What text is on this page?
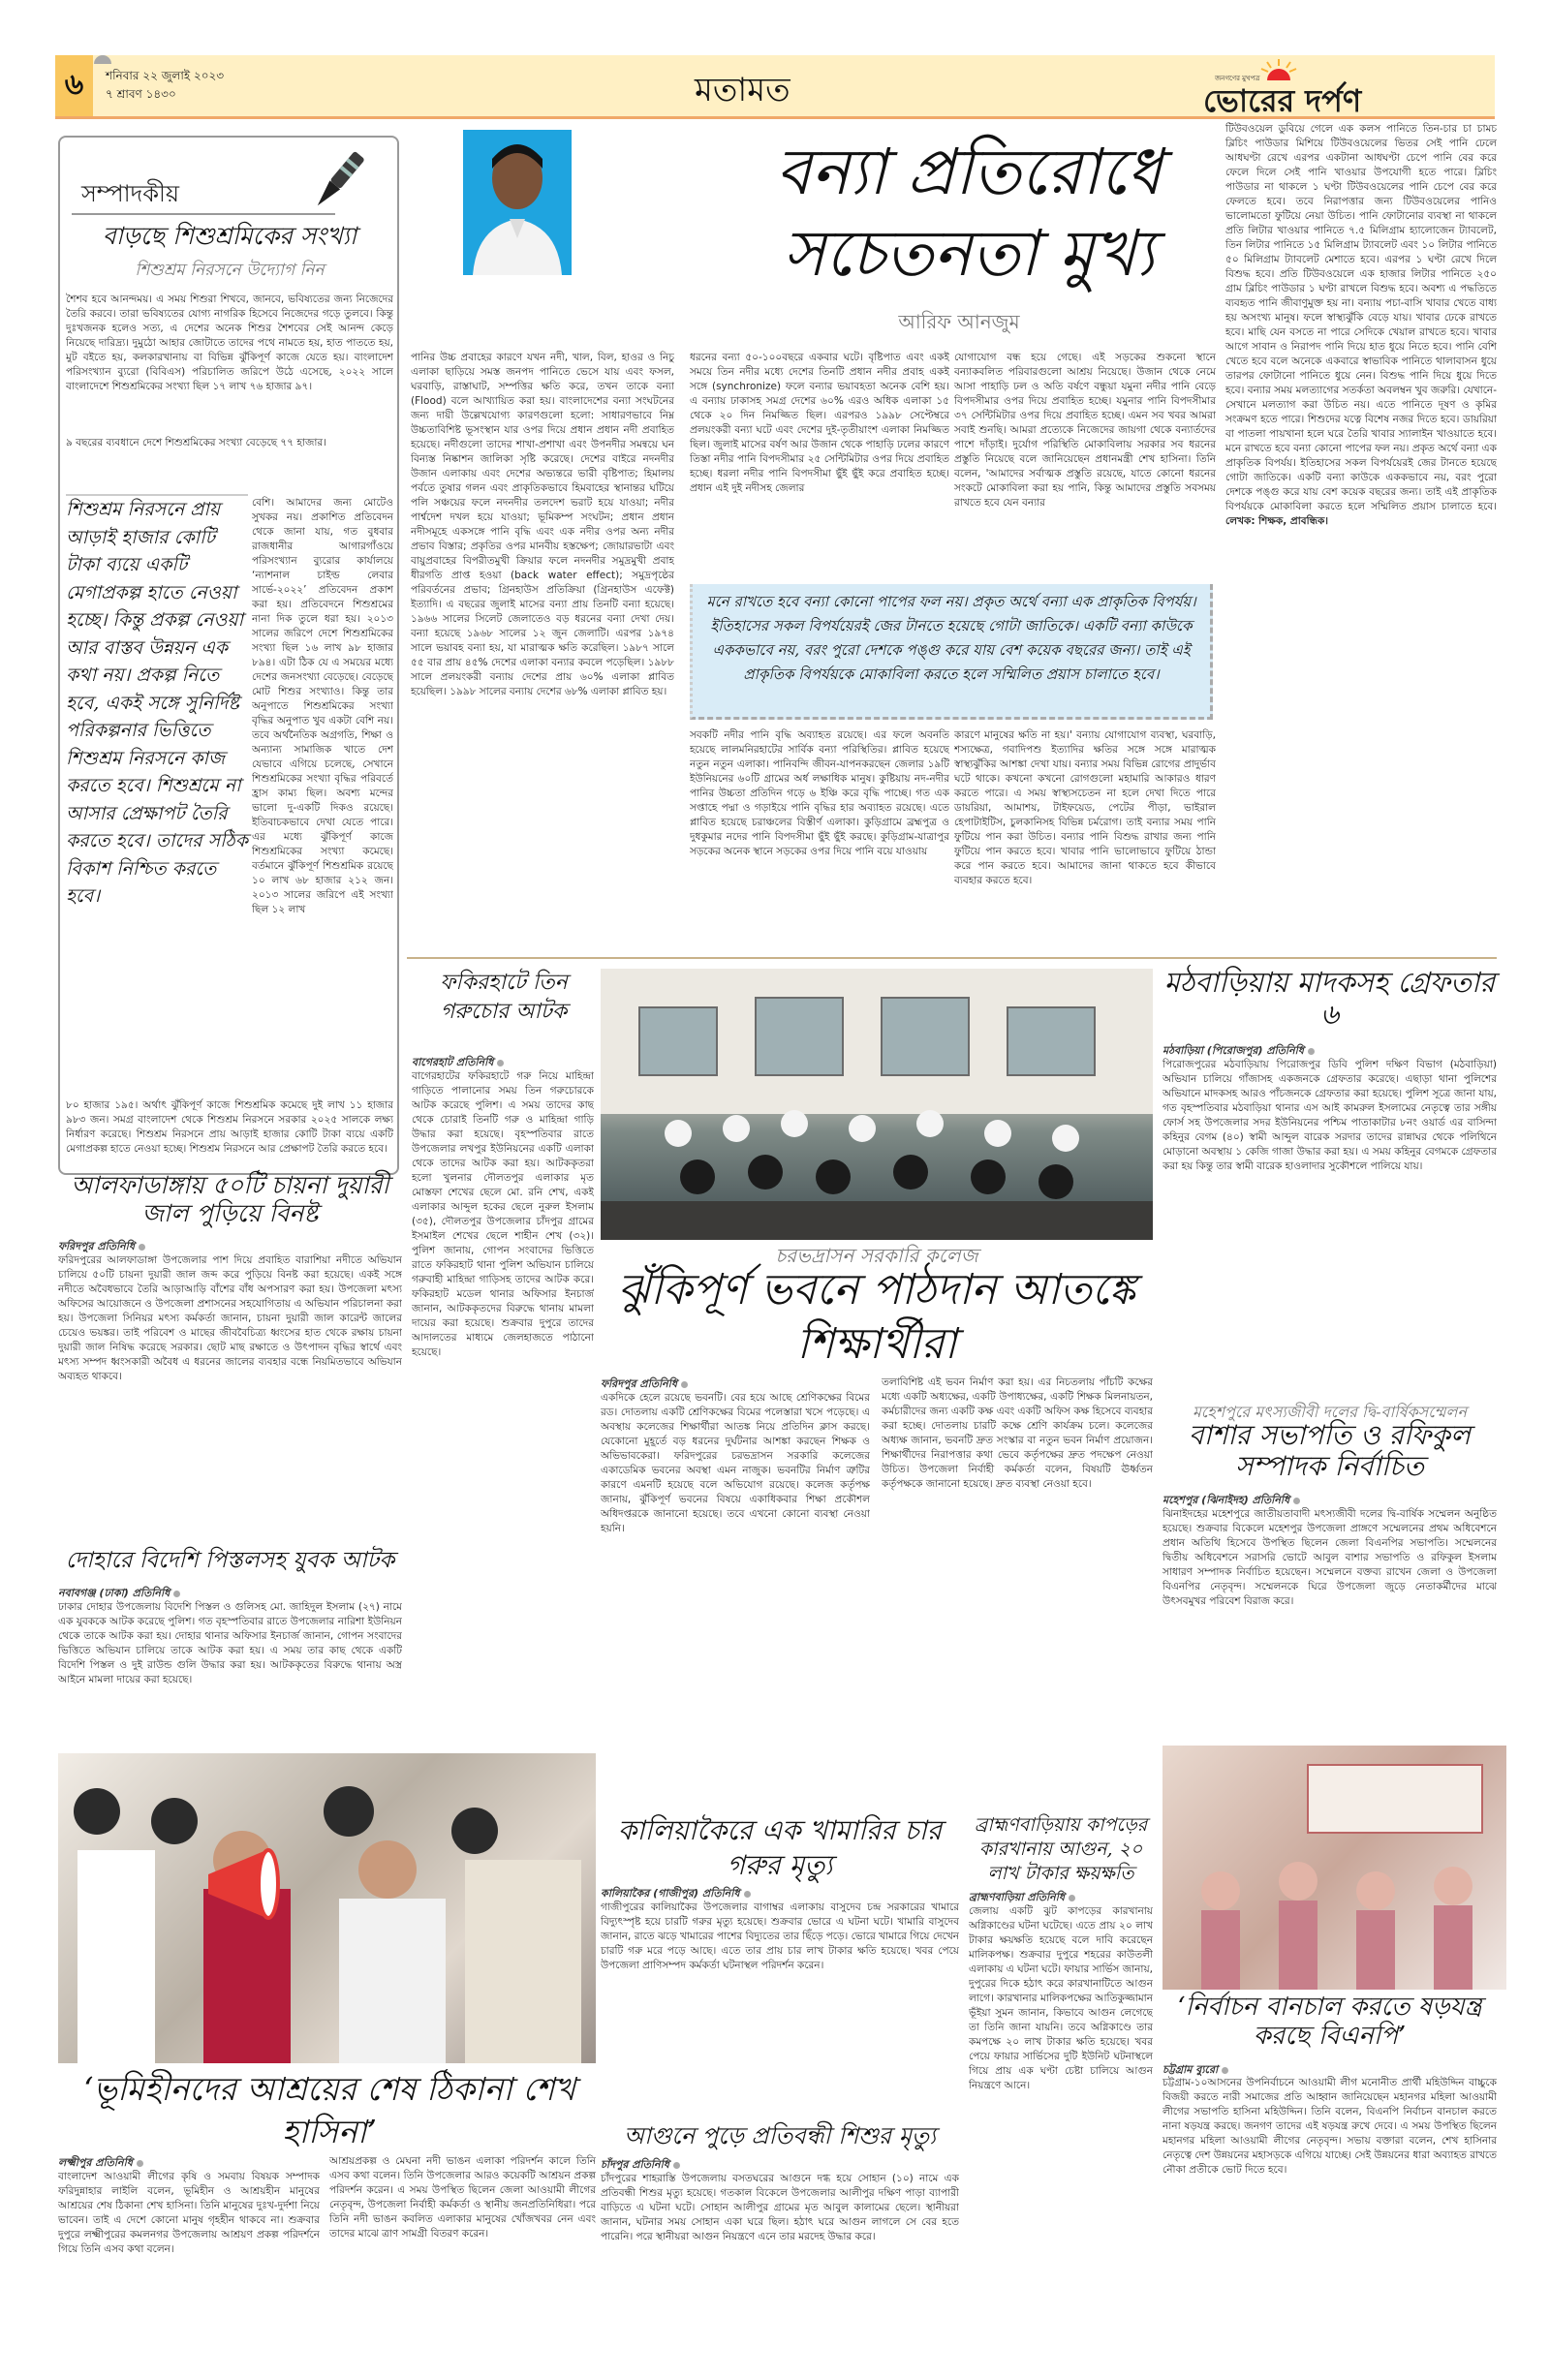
৬	শনিবার ২২ জুলাই ২০২৩
৭ শ্রাবণ ১৪৩০	মতামত	জনগণের মুখপত্র
ভোরের দর্পণ
সম্পাদকীয়
বাড়ছে শিশুশ্রমিকের সংখ্যা
শিশুশ্রম নিরসনে উদ্যোগ নিন
শৈশব হবে আনন্দময়। এ সময় শিশুরা শিখবে, জানবে, ভবিষ্যতের জন্য নিজেদের তৈরি করবে। তারা ভবিষ্যতের যোগ্য নাগরিক হিসেবে নিজেদের গড়ে তুলবে। কিন্তু দুঃখজনক হলেও সত্য, এ দেশের অনেক শিশুর শৈশবের সেই আনন্দ কেড়ে নিয়েছে দারিদ্র্য। দুমুঠো আহার জোটাতে তাদের পথে নামতে হয়, হাত পাততে হয়, মুট বইতে হয়, কলকারখানায় বা বিভিন্ন ঝুঁকিপূর্ণ কাজে যেতে হয়। বাংলাদেশ পরিসংখ্যান ব্যুরো (বিবিএস) পরিচালিত জরিপে উঠে এসেছে, ২০২২ সালে বাংলাদেশে শিশুশ্রমিকের সংখ্যা ছিল ১৭ লাখ ৭৬ হাজার ৯৭।
৯ বছরের ব্যবধানে দেশে শিশুশ্রমিকের সংখ্যা বেড়েছে ৭৭ হাজার।
শিশুশ্রম নিরসনে প্রায় আড়াই হাজার কোটি টাকা ব্যয়ে একটি মেগাপ্রকল্প হাতে নেওয়া হচ্ছে। কিন্তু প্রকল্প নেওয়া আর বাস্তব উন্নয়ন এক কথা নয়। প্রকল্প নিতে হবে, একই সঙ্গে সুনির্দিষ্ট পরিকল্পনার ভিত্তিতে শিশুশ্রম নিরসনে কাজ করতে হবে। শিশুশ্রমে না আসার প্রেক্ষাপট তৈরি করতে হবে। তাদের সঠিক বিকাশ নিশ্চিত করতে হবে।
বেশি। আমাদের জন্য মোটেও সুখকর নয়। প্রকাশিত প্রতিবেদন থেকে জানা যায়, গত বুধবার রাজধানীর আগারগাঁওয়ে পরিসংখ্যান ব্যুরোর কার্যালয়ে ‘ন্যাশনাল চাইল্ড লেবার সার্ভে-২০২২’ প্রতিবেদন প্রকাশ করা হয়। প্রতিবেদনে শিশুশ্রমের নানা দিক তুলে ধরা হয়। ২০১৩ সালের জরিপে দেশে শিশুশ্রমিকের সংখ্যা ছিল ১৬ লাখ ৯৮ হাজার ৮৯৪। এটা ঠিক যে এ সময়ের মধ্যে দেশের জনসংখ্যা বেড়েছে। বেড়েছে মোট শিশুর সংখ্যাও। কিন্তু তার অনুপাতে শিশুশ্রমিকের সংখ্যা বৃদ্ধির অনুপাত খুব একটা বেশি নয়। তবে অর্থনৈতিক অগ্রগতি, শিক্ষা ও অন্যান্য সামাজিক খাতে দেশ যেভাবে এগিয়ে চলেছে, সেখানে শিশুশ্রমিকের সংখ্যা বৃদ্ধির পরিবর্তে হ্রাস কাম্য ছিল। অবশ্য মন্দের ভালো দু-একটি দিকও রয়েছে। ইতিবাচকভাবে দেখা যেতে পারে। এর মধ্যে ঝুঁকিপূর্ণ কাজে শিশুশ্রমিকের সংখ্যা কমেছে। বর্তমানে ঝুঁকিপূর্ণ শিশুশ্রমিক রয়েছে ১০ লাখ ৬৮ হাজার ২১২ জন। ২০১৩ সালের জরিপে এই সংখ্যা ছিল ১২ লাখ
৮০ হাজার ১৯৫। অর্থাৎ ঝুঁকিপূর্ণ কাজে শিশুশ্রমিক কমেছে দুই লাখ ১১ হাজার ৯৮৩ জন। সমগ্র বাংলাদেশ থেকে শিশুশ্রম নিরসনে সরকার ২০২৫ সালকে লক্ষ্য নির্ধারণ করেছে। শিশুশ্রম নিরসনে প্রায় আড়াই হাজার কোটি টাকা ব্যয়ে একটি মেগাপ্রকল্প হাতে নেওয়া হচ্ছে। শিশুশ্রম নিরসনে আর প্রেক্ষাপট তৈরি করতে হবে।
বন্যা প্রতিরোধে সচেতনতা মুখ্য
আরিফ আনজুম
পানির উচ্চ প্রবাহের কারণে যখন নদী, খাল, বিল, হাওর ও নিচু এলাকা ছাড়িয়ে সমস্ত জনপদ পানিতে ভেসে যায় এবং ফসল, ঘরবাড়ি, রাস্তাঘাট, সম্পত্তির ক্ষতি করে, তখন তাকে বন্যা (Flood) বলে আখ্যায়িত করা হয়। বাংলাদেশের বন্যা সংঘটনের জন্য দায়ী উল্লেখযোগ্য কারণগুলো হলো: সাধারণভাবে নিম্ন উচ্চতাবিশিষ্ট ভূসংস্থান যার ওপর দিয়ে প্রধান প্রধান নদী প্রবাহিত হয়েছে। নদীগুলো তাদের শাখা-প্রশাখা এবং উপনদীর সমন্বয়ে ঘন বিন্যস্ত নিষ্কাশন জালিকা সৃষ্টি করেছে। দেশের বাইরে নদনদীর উজান এলাকায় এবং দেশের অভ্যন্তরে ভারী বৃষ্টিপাত; হিমালয় পর্বতে তুষার গলন এবং প্রাকৃতিকভাবে হিমবাহের স্থানান্তর ঘটিয়ে পলি সঞ্চয়ের ফলে নদনদীর তলদেশ ভরাট হয়ে যাওয়া; নদীর পার্শ্বদেশ দখল হয়ে যাওয়া; ভূমিকম্প সংঘটন; প্রধান প্রধান নদীসমূহে একসঙ্গে পানি বৃদ্ধি এবং এক নদীর ওপর অন্য নদীর প্রভাব বিস্তার; প্রকৃতির ওপর মানবীয় হস্তক্ষেপ; জোয়ারভাটা এবং বায়ুপ্রবাহের বিপরীতমুখী ক্রিয়ার ফলে নদনদীর সমুদ্রমুখী প্রবাহ ধীরগতি প্রাপ্ত হওয়া (back water effect); সমুদ্রপৃষ্ঠের পরিবর্তনের প্রভাব; গ্রিনহাউস প্রতিক্রিয়া (গ্রিনহাউস এফেক্ট) ইত্যাদি। এ বছরের জুলাই মাসের বন্যা প্রায় তিনটি বন্যা হয়েছে। ১৯৬৬ সালের সিলেট জেলাতেও বড় ধরনের বন্যা দেখা দেয়। বন্যা হয়েছে ১৯৬৮ সালের ১২ জুন জেলাটি। এরপর ১৯৭৪ সালে ভয়াবহ বন্যা হয়, যা মারাত্মক ক্ষতি করেছিল। ১৯৮৭ সালে ৫৫ বার প্রায় ৪৫% দেশের এলাকা বন্যার কবলে পড়েছিল। ১৯৮৮ সালে প্রলয়ংকরী বন্যায় দেশের প্রায় ৬০% এলাকা প্লাবিত হয়েছিল। ১৯৯৮ সালের বন্যায় দেশের ৬৮% এলাকা প্লাবিত হয়।
ধরনের বন্যা ৫০-১০০বছরে একবার ঘটে। বৃষ্টিপাত এবং একই সময়ে তিন নদীর মধ্যে দেশের তিনটি প্রধান নদীর প্রবাহ একই সঙ্গে (synchronize) ফলে বন্যার ভয়াবহতা অনেক বেশি হয়। এ বন্যায় ঢাকাসহ সমগ্র দেশের ৬০% এরও অধিক এলাকা ১৫ থেকে ২০ দিন নিমজ্জিত ছিল। এরপরও ১৯৯৮ সেপ্টেম্বরে প্রলয়ংকরী বন্যা ঘটে এবং দেশের দুই-তৃতীয়াংশ এলাকা নিমজ্জিত ছিল। জুলাই মাসের বর্ষণ আর উজান থেকে পাহাড়ি ঢলের কারণে তিস্তা নদীর পানি বিপদসীমার ২৫ সেন্টিমিটার ওপর দিয়ে প্রবাহিত হচ্ছে। ধরলা নদীর পানি বিপদসীমা ছুঁই ছুঁই করে প্রবাহিত হচ্ছে। প্রধান এই দুই নদীসহ জেলার
যোগাযোগ বন্ধ হয়ে গেছে। এই সড়কের শুকনো স্থানে বন্যাকবলিত পরিবারগুলো আশ্রয় নিয়েছে। উজান থেকে নেমে আসা পাহাড়ি ঢল ও অতি বর্ষণে বন্ধুয়া যমুনা নদীর পানি বেড়ে বিপদসীমার ওপর দিয়ে প্রবাহিত হচ্ছে। যমুনার পানি বিপদসীমার ৩৭ সেন্টিমিটার ওপর দিয়ে প্রবাহিত হচ্ছে। এমন সব খবর আমরা সবাই শুনছি। আমরা প্রত্যেকে নিজেদের জায়গা থেকে বন্যার্তদের পাশে দাঁড়াই। দুর্যোগ পরিস্থিতি মোকাবিলায় সরকার সব ধরনের প্রস্তুতি নিয়েছে বলে জানিয়েছেন প্রধানমন্ত্রী শেখ হাসিনা। তিনি বলেন, 'আমাদের সর্বাত্মক প্রস্তুতি রয়েছে, যাতে কোনো ধরনের সংকটে মোকাবিলা করা হয় পানি, কিন্তু আমাদের প্রস্তুতি সবসময় রাখতে হবে যেন বন্যার
মনে রাখতে হবে বন্যা কোনো পাপের ফল নয়। প্রকৃত অর্থে বন্যা এক প্রাকৃতিক বিপর্যয়। ইতিহাসের সকল বিপর্যয়েরই জের টানতে হয়েছে গোটা জাতিকে। একটি বন্যা কাউকে এককভাবে নয়, বরং পুরো দেশকে পঙ্গু করে যায় বেশ কয়েক বছরের জন্য। তাই এই প্রাকৃতিক বিপর্যয়কে মোকাবিলা করতে হলে সম্মিলিত প্রয়াস চালাতে হবে।
সবকটি নদীর পানি বৃদ্ধি অব্যাহত রয়েছে। এর ফলে অবনতি হয়েছে লালমনিরহাটের সার্বিক বন্যা পরিস্থিতির। প্লাবিত হয়েছে নতুন নতুন এলাকা। পানিবন্দি জীবন-যাপনকরছেন জেলার ১৯টি ইউনিয়নের ৬০টি গ্রামের অর্ধ লক্ষাধিক মানুষ। কুষ্টিয়ায় নদ-নদীর পানির উচ্চতা প্রতিদিন গড়ে ৬ ইঞ্চি করে বৃদ্ধি পাচ্ছে। গত এক সপ্তাহে পদ্মা ও গড়াইয়ে পানি বৃদ্ধির হার অব্যাহত রয়েছে। এতে প্লাবিত হয়েছে চরাঞ্চলের বিস্তীর্ণ এলাকা। কুড়িগ্রামে ব্রহ্মপুত্র ও দুধকুমার নদের পানি বিপদসীমা ছুঁই ছুঁই করছে। কুড়িগ্রাম-যাত্রাপুর সড়কের অনেক স্থানে সড়কের ওপর দিয়ে পানি বয়ে যাওয়ায়
কারণে মানুষের ক্ষতি না হয়।' বন্যায় যোগাযোগ ব্যবস্থা, ঘরবাড়ি, শস্যক্ষেত্র, গবাদিপশু ইত্যাদির ক্ষতির সঙ্গে সঙ্গে মারাত্মক স্বাস্থ্যঝুঁকির আশঙ্কা দেখা যায়। বন্যার সময় বিভিন্ন রোগের প্রাদুর্ভাব ঘটে থাকে। কখনো কখনো রোগগুলো মহামারি আকারও ধারণ করতে পারে। এ সময় স্বাস্থ্যসচেতন না হলে দেখা দিতে পারে ডায়রিয়া, আমাশয়, টাইফয়েড, পেটের পীড়া, ভাইরাল হেপাটাইটিস, চুলকানিসহ বিভিন্ন চর্মরোগ। তাই বন্যার সময় পানি ফুটিয়ে পান করা উচিত। বন্যার পানি বিশুদ্ধ রাখার জন্য পানি ফুটিয়ে পান করতে হবে। খাবার পানি ভালোভাবে ফুটিয়ে ঠান্ডা করে পান করতে হবে। আমাদের জানা থাকতে হবে কীভাবে ব্যবহার করতে হবে।
টিউবওয়েল ডুবিয়ে গেলে এক কলস পানিতে তিন-চার চা চামচ ব্লিচিং পাউডার মিশিয়ে টিউবওয়েলের ভিতর সেই পানি ঢেলে আধঘণ্টা রেখে এরপর একটানা আধঘণ্টা চেপে পানি বের করে ফেলে দিলে সেই পানি খাওয়ার উপযোগী হতে পারে। ব্লিচিং পাউডার না থাকলে ১ ঘণ্টা টিউবওয়েলের পানি চেপে বের করে ফেলতে হবে। তবে নিরাপত্তার জন্য টিউবওয়েলের পানিও ভালোমতো ফুটিয়ে নেয়া উচিত। পানি ফোটানোর ব্যবস্থা না থাকলে প্রতি লিটার খাওয়ার পানিতে ৭.৫ মিলিগ্রাম হ্যালোজেন ট্যাবলেট, তিন লিটার পানিতে ১৫ মিলিগ্রাম ট্যাবলেট এবং ১০ লিটার পানিতে ৫০ মিলিগ্রাম ট্যাবলেট মেশাতে হবে। এরপর ১ ঘণ্টা রেখে দিলে বিশুদ্ধ হবে। প্রতি টিউবওয়েলে এক হাজার লিটার পানিতে ২৫০ গ্রাম ব্লিচিং পাউডার ১ ঘণ্টা রাখলে বিশুদ্ধ হবে। অবশ্য এ পদ্ধতিতে ব্যবহৃত পানি জীবাণুমুক্ত হয় না। বন্যায় পচা-বাসি খাবার খেতে বাধ্য হয় অসংখ্য মানুষ। ফলে স্বাস্থ্যঝুঁকি বেড়ে যায়। খাবার ঢেকে রাখতে হবে। মাছি যেন বসতে না পারে সেদিকে খেয়াল রাখতে হবে। খাবার আগে সাবান ও নিরাপদ পানি দিয়ে হাত ধুয়ে নিতে হবে। পানি বেশি খেতে হবে বলে অনেকে একবারে স্বাভাবিক পানিতে থালাবাসন ধুয়ে তারপর ফোটানো পানিতে ধুয়ে নেন। বিশুদ্ধ পানি দিয়ে ধুয়ে দিতে হবে। বন্যার সময় মলত্যাগের সতর্কতা অবলম্বন খুব জরুরি। যেখানে-সেখানে মলত্যাগ করা উচিত নয়। এতে পানিতে দূষণ ও কৃমির সংক্রমণ হতে পারে। শিশুদের যত্নে বিশেষ নজর দিতে হবে। ডায়রিয়া বা পাতলা পায়খানা হলে ঘরে তৈরি খাবার স্যালাইন খাওয়াতে হবে। মনে রাখতে হবে বন্যা কোনো পাপের ফল নয়। প্রকৃত অর্থে বন্যা এক প্রাকৃতিক বিপর্যয়। ইতিহাসের সকল বিপর্যয়েরই জের টানতে হয়েছে গোটা জাতিকে। একটি বন্যা কাউকে এককভাবে নয়, বরং পুরো দেশকে পঙ্গু করে যায় বেশ কয়েক বছরের জন্য। তাই এই প্রাকৃতিক বিপর্যয়কে মোকাবিলা করতে হলে সম্মিলিত প্রয়াস চালাতে হবে। লেখক: শিক্ষক, প্রাবন্ধিক।
ফকিরহাটে তিন গরুচোর আটক
বাগেরহাট প্রতিনিধি
বাগেরহাটের ফকিরহাটে গরু নিয়ে মাহিন্দ্রা গাড়িতে পালানোর সময় তিন গরুচোরকে আটক করেছে পুলিশ। এ সময় তাদের কাছ থেকে চোরাই তিনটি গরু ও মাহিন্দ্রা গাড়ি উদ্ধার করা হয়েছে। বৃহস্পতিবার রাতে উপজেলার লখপুর ইউনিয়নের একটি এলাকা থেকে তাদের আটক করা হয়। আটককৃতরা হলো খুলনার দৌলতপুর এলাকার মৃত মোস্তফা শেখের ছেলে মো. রনি শেখ, একই এলাকার আব্দুল হকের ছেলে নুরুল ইসলাম (৩৫), দৌলতপুর উপজেলার চাঁদপুর গ্রামের ইসমাইল শেখের ছেলে শাহীন শেখ (৩২)। পুলিশ জানায়, গোপন সংবাদের ভিত্তিতে রাতে ফকিরহাট থানা পুলিশ অভিযান চালিয়ে গরুবাহী মাহিন্দ্রা গাড়িসহ তাদের আটক করে। ফকিরহাট মডেল থানার অফিসার ইনচার্জ জানান, আটককৃতদের বিরুদ্ধে থানায় মামলা দায়ের করা হয়েছে। শুক্রবার দুপুরে তাদের আদালতের মাধ্যমে জেলহাজতে পাঠানো হয়েছে।
চরভদ্রাসন সরকারি কলেজ
ঝুঁকিপূর্ণ ভবনে পাঠদান আতঙ্কে শিক্ষার্থীরা
ফরিদপুর প্রতিনিধি
একদিকে হেলে রয়েছে ভবনটি। বের হয়ে আছে শ্রেণিকক্ষের বিমের রড। দোতলায় একটি শ্রেণিকক্ষের বিমের পলেস্তারা খসে পড়েছে। এ অবস্থায় কলেজের শিক্ষার্থীরা আতঙ্ক নিয়ে প্রতিদিন ক্লাস করছে। যেকোনো মুহূর্তে বড় ধরনের দুর্ঘটনার আশঙ্কা করছেন শিক্ষক ও অভিভাবকেরা। ফরিদপুরের চরভদ্রাসন সরকারি কলেজের একাডেমিক ভবনের অবস্থা এমন নাজুক। ভবনটির নির্মাণ ত্রুটির কারণে এমনটি হয়েছে বলে অভিযোগ রয়েছে। কলেজ কর্তৃপক্ষ জানায়, ঝুঁকিপূর্ণ ভবনের বিষয়ে একাধিকবার শিক্ষা প্রকৌশল অধিদপ্তরকে জানানো হয়েছে। তবে এখনো কোনো ব্যবস্থা নেওয়া হয়নি।
তলাবিশিষ্ট এই ভবন নির্মাণ করা হয়। এর নিচতলায় পাঁচটি কক্ষের মধ্যে একটি অধ্যক্ষের, একটি উপাধ্যক্ষের, একটি শিক্ষক মিলনায়তন, কর্মচারীদের জন্য একটি কক্ষ এবং একটি অফিস কক্ষ হিসেবে ব্যবহার করা হচ্ছে। দোতলায় চারটি কক্ষে শ্রেণি কার্যক্রম চলে। কলেজের অধ্যক্ষ জানান, ভবনটি দ্রুত সংস্কার বা নতুন ভবন নির্মাণ প্রয়োজন। শিক্ষার্থীদের নিরাপত্তার কথা ভেবে কর্তৃপক্ষের দ্রুত পদক্ষেপ নেওয়া উচিত। উপজেলা নির্বাহী কর্মকর্তা বলেন, বিষয়টি ঊর্ধ্বতন কর্তৃপক্ষকে জানানো হয়েছে। দ্রুত ব্যবস্থা নেওয়া হবে।
মঠবাড়িয়ায় মাদকসহ গ্রেফতার ৬
মঠবাড়িয়া (পিরোজপুর) প্রতিনিধি
পিরোজপুরের মঠবাড়িয়ায় পিরোজপুর ডিবি পুলিশ দক্ষিণ বিভাগ (মঠবাড়িয়া) অভিযান চালিয়ে গাঁজাসহ একজনকে গ্রেফতার করেছে। এছাড়া থানা পুলিশের অভিযানে মাদকসহ আরও পাঁচজনকে গ্রেফতার করা হয়েছে। পুলিশ সূত্রে জানা যায়, গত বৃহস্পতিবার মঠবাড়িয়া থানার এস আই কামরুল ইসলামের নেতৃত্বে তার সঙ্গীয় ফোর্স সহ উপজেলার সদর ইউনিয়নের পশ্চিম পাতাকাটার ৮নং ওয়ার্ড এর বাসিন্দা কহিনুর বেগম (৪০) স্বামী আব্দুল বারেক সরদার তাদের রান্নাঘর থেকে পলিথিনে মোড়ানো অবস্থায় ১ কেজি গাজা উদ্ধার করা হয়। এ সময় কহিনুর বেগমকে গ্রেফতার করা হয় কিন্তু তার স্বামী বারেক হাওলাদার সুকৌশলে পালিয়ে যায়।
মহেশপুরে মৎস্যজীবী দলের দ্বি-বার্ষিকসম্মেলন
বাশার সভাপতি ও রফিকুল সম্পাদক নির্বাচিত
মহেশপুর (ঝিনাইদহ) প্রতিনিধি
ঝিনাইদহের মহেশপুরে জাতীয়তাবাদী মৎস্যজীবী দলের দ্বি-বার্ষিক সম্মেলন অনুষ্ঠিত হয়েছে। শুক্রবার বিকেলে মহেশপুর উপজেলা প্রাঙ্গণে সম্মেলনের প্রথম অধিবেশনে প্রধান অতিথি হিসেবে উপস্থিত ছিলেন জেলা বিএনপির সভাপতি। সম্মেলনের দ্বিতীয় অধিবেশনে সরাসরি ভোটে আবুল বাশার সভাপতি ও রফিকুল ইসলাম সাধারণ সম্পাদক নির্বাচিত হয়েছেন। সম্মেলনে বক্তব্য রাখেন জেলা ও উপজেলা বিএনপির নেতৃবৃন্দ। সম্মেলনকে ঘিরে উপজেলা জুড়ে নেতাকর্মীদের মাঝে উৎসবমুখর পরিবেশ বিরাজ করে।
‘নির্বাচন বানচাল করতে ষড়যন্ত্র করছে বিএনপি’
চট্টগ্রাম ব্যুরো
চট্টগ্রাম-১০আসনের উপনির্বাচনে আওয়ামী লীগ মনোনীত প্রার্থী মহিউদ্দিন বাচ্চুকে বিজয়ী করতে নারী সমাজের প্রতি আহ্বান জানিয়েছেন মহানগর মহিলা আওয়ামী লীগের সভাপতি হাসিনা মহিউদ্দিন। তিনি বলেন, বিএনপি নির্বাচন বানচাল করতে নানা ষড়যন্ত্র করছে। জনগণ তাদের এই ষড়যন্ত্র রুখে দেবে। এ সময় উপস্থিত ছিলেন মহানগর মহিলা আওয়ামী লীগের নেতৃবৃন্দ। সভায় বক্তারা বলেন, শেখ হাসিনার নেতৃত্বে দেশ উন্নয়নের মহাসড়কে এগিয়ে যাচ্ছে। সেই উন্নয়নের ধারা অব্যাহত রাখতে নৌকা প্রতীকে ভোট দিতে হবে।
আলফাডাঙ্গায় ৫০টি চায়না দুয়ারী জাল পুড়িয়ে বিনষ্ট
ফরিদপুর প্রতিনিধি
ফরিদপুরের আলফাডাঙ্গা উপজেলার পাশ দিয়ে প্রবাহিত বারাশিয়া নদীতে অভিযান চালিয়ে ৫০টি চায়না দুয়ারী জাল জব্দ করে পুড়িয়ে বিনষ্ট করা হয়েছে। একই সঙ্গে নদীতে অবৈধভাবে তৈরি আড়াআড়ি বাঁশের বাঁধ অপসারণ করা হয়। উপজেলা মৎস্য অফিসের আয়োজনে ও উপজেলা প্রশাসনের সহযোগিতায় এ অভিযান পরিচালনা করা হয়। উপজেলা সিনিয়র মৎস্য কর্মকর্তা জানান, চায়না দুয়ারী জাল কারেন্ট জালের চেয়েও ভয়ঙ্কর। তাই পরিবেশ ও মাছের জীববৈচিত্র্য ধ্বংসের হাত থেকে রক্ষায় চায়না দুয়ারী জাল নিষিদ্ধ করেছে সরকার। ছোট মাছ রক্ষাতে ও উৎপাদন বৃদ্ধির স্বার্থে এবং মৎস্য সম্পদ ধ্বংসকারী অবৈধ এ ধরনের জালের ব্যবহার বন্ধে নিয়মিতভাবে অভিযান অব্যহত থাকবে।
দোহারে বিদেশি পিস্তলসহ যুবক আটক
নবাবগঞ্জ (ঢাকা) প্রতিনিধি
ঢাকার দোহার উপজেলায় বিদেশি পিস্তল ও গুলিসহ মো. জাহিদুল ইসলাম (২৭) নামে এক যুবককে আটক করেছে পুলিশ। গত বৃহস্পতিবার রাতে উপজেলার নারিশা ইউনিয়ন থেকে তাকে আটক করা হয়। দোহার থানার অফিসার ইনচার্জ জানান, গোপন সংবাদের ভিত্তিতে অভিযান চালিয়ে তাকে আটক করা হয়। এ সময় তার কাছ থেকে একটি বিদেশি পিস্তল ও দুই রাউন্ড গুলি উদ্ধার করা হয়। আটককৃতের বিরুদ্ধে থানায় অস্ত্র আইনে মামলা দায়ের করা হয়েছে।
‘ভূমিহীনদের আশ্রয়ের শেষ ঠিকানা শেখ হাসিনা’
লক্ষ্মীপুর প্রতিনিধি
বাংলাদেশ আওয়ামী লীগের কৃষি ও সমবায় বিষয়ক সম্পাদক ফরিদুন্নাহার লাইলি বলেন, ভূমিহীন ও আশ্রয়হীন মানুষের আশ্রয়ের শেষ ঠিকানা শেখ হাসিনা। তিনি মানুষের দুঃখ-দুর্দশা নিয়ে ভাবেন। তাই এ দেশে কোনো মানুষ গৃহহীন থাকবে না। শুক্রবার দুপুরে লক্ষ্মীপুরের কমলনগর উপজেলায় আশ্রয়ণ প্রকল্প পরিদর্শনে গিয়ে তিনি এসব কথা বলেন।
আশ্রয়প্রকল্প ও মেঘনা নদী ভাঙন এলাকা পরিদর্শন কালে তিনি এসব কথা বলেন। তিনি উপজেলার আরও কয়েকটি আশ্রয়ন প্রকল্প পরিদর্শন করেন। এ সময় উপস্থিত ছিলেন জেলা আওয়ামী লীগের নেতৃবৃন্দ, উপজেলা নির্বাহী কর্মকর্তা ও স্থানীয় জনপ্রতিনিধিরা। পরে তিনি নদী ভাঙন কবলিত এলাকার মানুষের খোঁজখবর নেন এবং তাদের মাঝে ত্রাণ সামগ্রী বিতরণ করেন।
কালিয়াকৈরে এক খামারির চার গরুর মৃত্যু
কালিয়াকৈর (গাজীপুর) প্রতিনিধি
গাজীপুরের কালিয়াকৈর উপজেলার বাগাম্বর এলাকায় বাসুদেব চন্দ্র সরকারের খামারে বিদ্যুৎস্পৃষ্ট হয়ে চারটি গরুর মৃত্যু হয়েছে। শুক্রবার ভোরে এ ঘটনা ঘটে। খামারি বাসুদেব জানান, রাতে ঝড়ে খামারের পাশের বিদ্যুতের তার ছিঁড়ে পড়ে। ভোরে খামারে গিয়ে দেখেন চারটি গরু মরে পড়ে আছে। এতে তার প্রায় চার লাখ টাকার ক্ষতি হয়েছে। খবর পেয়ে উপজেলা প্রাণিসম্পদ কর্মকর্তা ঘটনাস্থল পরিদর্শন করেন।
ব্রাহ্মণবাড়িয়ায় কাপড়ের কারখানায় আগুন, ২০ লাখ টাকার ক্ষয়ক্ষতি
ব্রাহ্মণবাড়িয়া প্রতিনিধি
জেলায় একটি ঝুট কাপড়ের কারখানায় অগ্নিকাণ্ডের ঘটনা ঘটেছে। এতে প্রায় ২০ লাখ টাকার ক্ষয়ক্ষতি হয়েছে বলে দাবি করেছেন মালিকপক্ষ। শুক্রবার দুপুরে শহরের কাউতলী এলাকায় এ ঘটনা ঘটে। ফায়ার সার্ভিস জানায়, দুপুরের দিকে হঠাৎ করে কারখানাটিতে আগুন লাগে। কারখানার মালিকপক্ষের আতিকুজ্জামান ভূঁইয়া সুমন জানান, কিভাবে আগুন লেগেছে তা তিনি জানা যায়নি। তবে অগ্নিকাণ্ডে তার কমপক্ষে ২০ লাখ টাকার ক্ষতি হয়েছে। খবর পেয়ে ফায়ার সার্ভিসের দুটি ইউনিট ঘটনাস্থলে গিয়ে প্রায় এক ঘণ্টা চেষ্টা চালিয়ে আগুন নিয়ন্ত্রণে আনে।
আগুনে পুড়ে প্রতিবন্ধী শিশুর মৃত্যু
চাঁদপুর প্রতিনিধি
চাঁদপুরের শাহরাস্তি উপজেলায় বসতঘরের আগুনে দগ্ধ হয়ে সোহান (১০) নামে এক প্রতিবন্ধী শিশুর মৃত্যু হয়েছে। গতকাল বিকেলে উপজেলার আলীপুর দক্ষিণ পাড়া ব্যাপারী বাড়িতে এ ঘটনা ঘটে। সোহান আলীপুর গ্রামের মৃত আবুল কালামের ছেলে। স্থানীয়রা জানান, ঘটনার সময় সোহান একা ঘরে ছিল। হঠাৎ ঘরে আগুন লাগলে সে বের হতে পারেনি। পরে স্থানীয়রা আগুন নিয়ন্ত্রণে এনে তার মরদেহ উদ্ধার করে।
